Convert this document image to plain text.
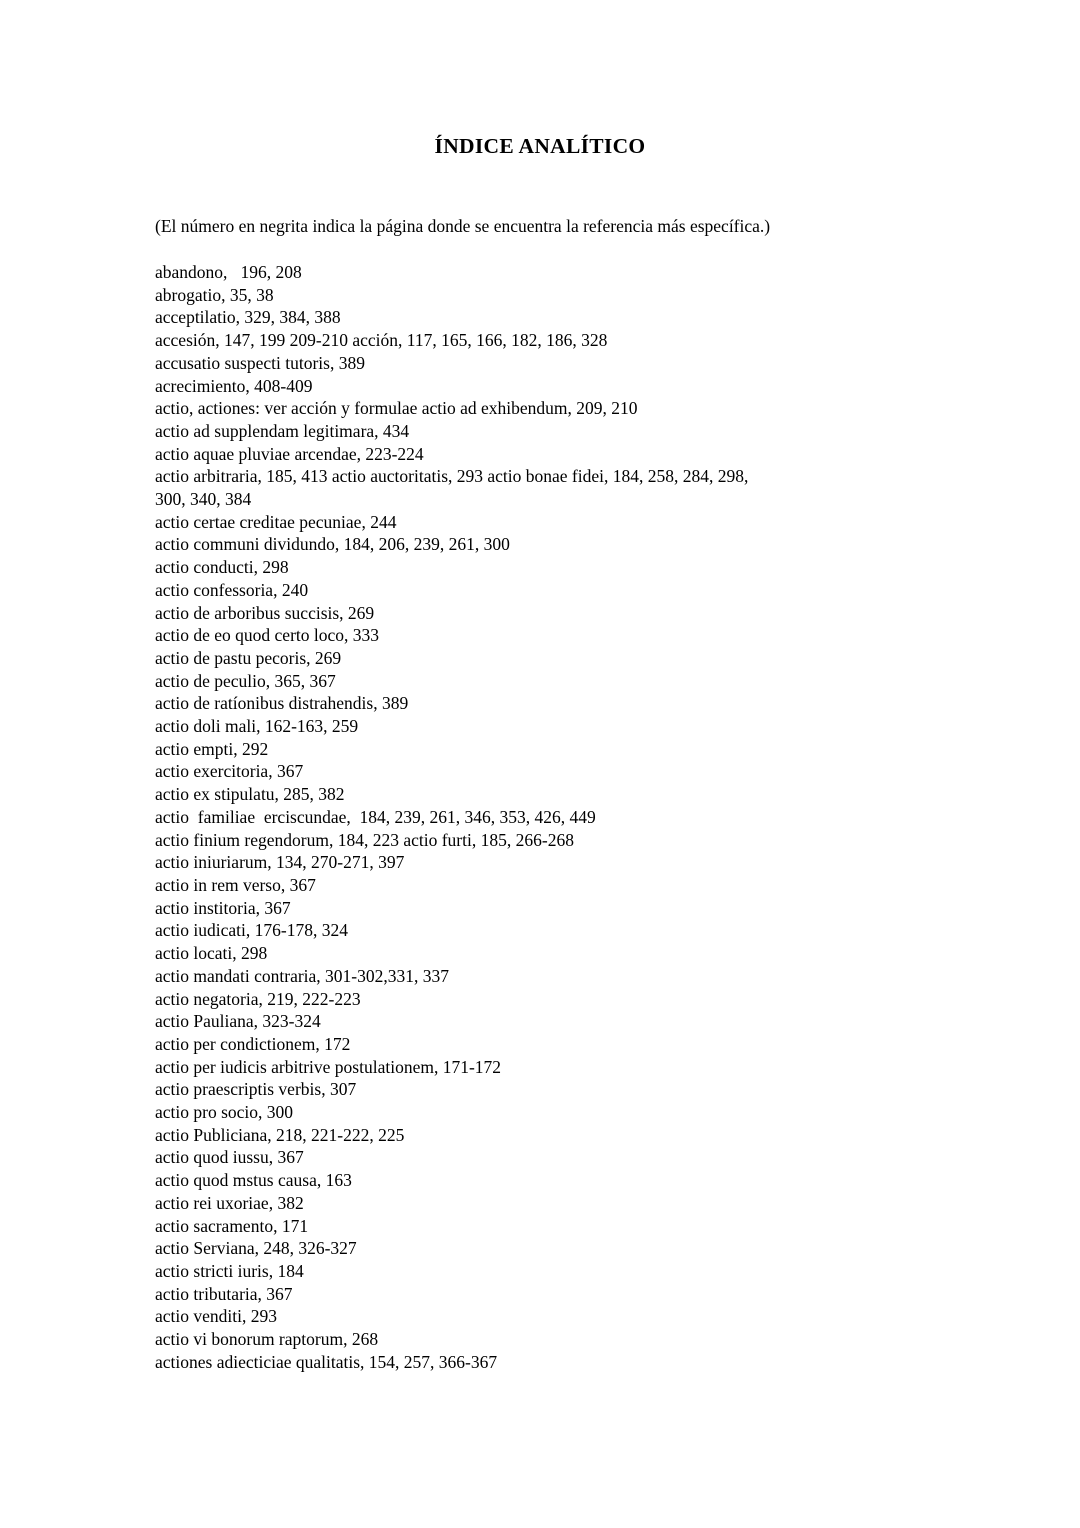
ÍNDICE ANALÍTICO

(El número en negrita indica la página donde se encuentra la referencia más específica.)

abandono,   196, 208
abrogatio, 35, 38
acceptilatio, 329, 384, 388
accesión, 147, 199 209-210 acción, 117, 165, 166, 182, 186, 328
accusatio suspecti tutoris, 389
acrecimiento, 408-409
actio, actiones: ver acción y formulae actio ad exhibendum, 209, 210
actio ad supplendam legitimara, 434
actio aquae pluviae arcendae, 223-224
actio arbitraria, 185, 413 actio auctoritatis, 293 actio bonae fidei, 184, 258, 284, 298,
300, 340, 384
actio certae creditae pecuniae, 244
actio communi dividundo, 184, 206, 239, 261, 300
actio conducti, 298
actio confessoria, 240
actio de arboribus succisis, 269
actio de eo quod certo loco, 333
actio de pastu pecoris, 269
actio de peculio, 365, 367
actio de ratíonibus distrahendis, 389
actio doli mali, 162-163, 259
actio empti, 292
actio exercitoria, 367
actio ex stipulatu, 285, 382
actio  familiae  erciscundae,  184, 239, 261, 346, 353, 426, 449
actio finium regendorum, 184, 223 actio furti, 185, 266-268
actio iniuriarum, 134, 270-271, 397
actio in rem verso, 367
actio institoria, 367
actio iudicati, 176-178, 324
actio locati, 298
actio mandati contraria, 301-302,331, 337
actio negatoria, 219, 222-223
actio Pauliana, 323-324
actio per condictionem, 172
actio per iudicis arbitrive postulationem, 171-172
actio praescriptis verbis, 307
actio pro socio, 300
actio Publiciana, 218, 221-222, 225
actio quod iussu, 367
actio quod mstus causa, 163
actio rei uxoriae, 382
actio sacramento, 171
actio Serviana, 248, 326-327
actio stricti iuris, 184
actio tributaria, 367
actio venditi, 293
actio vi bonorum raptorum, 268
actiones adiecticiae qualitatis, 154, 257, 366-367
